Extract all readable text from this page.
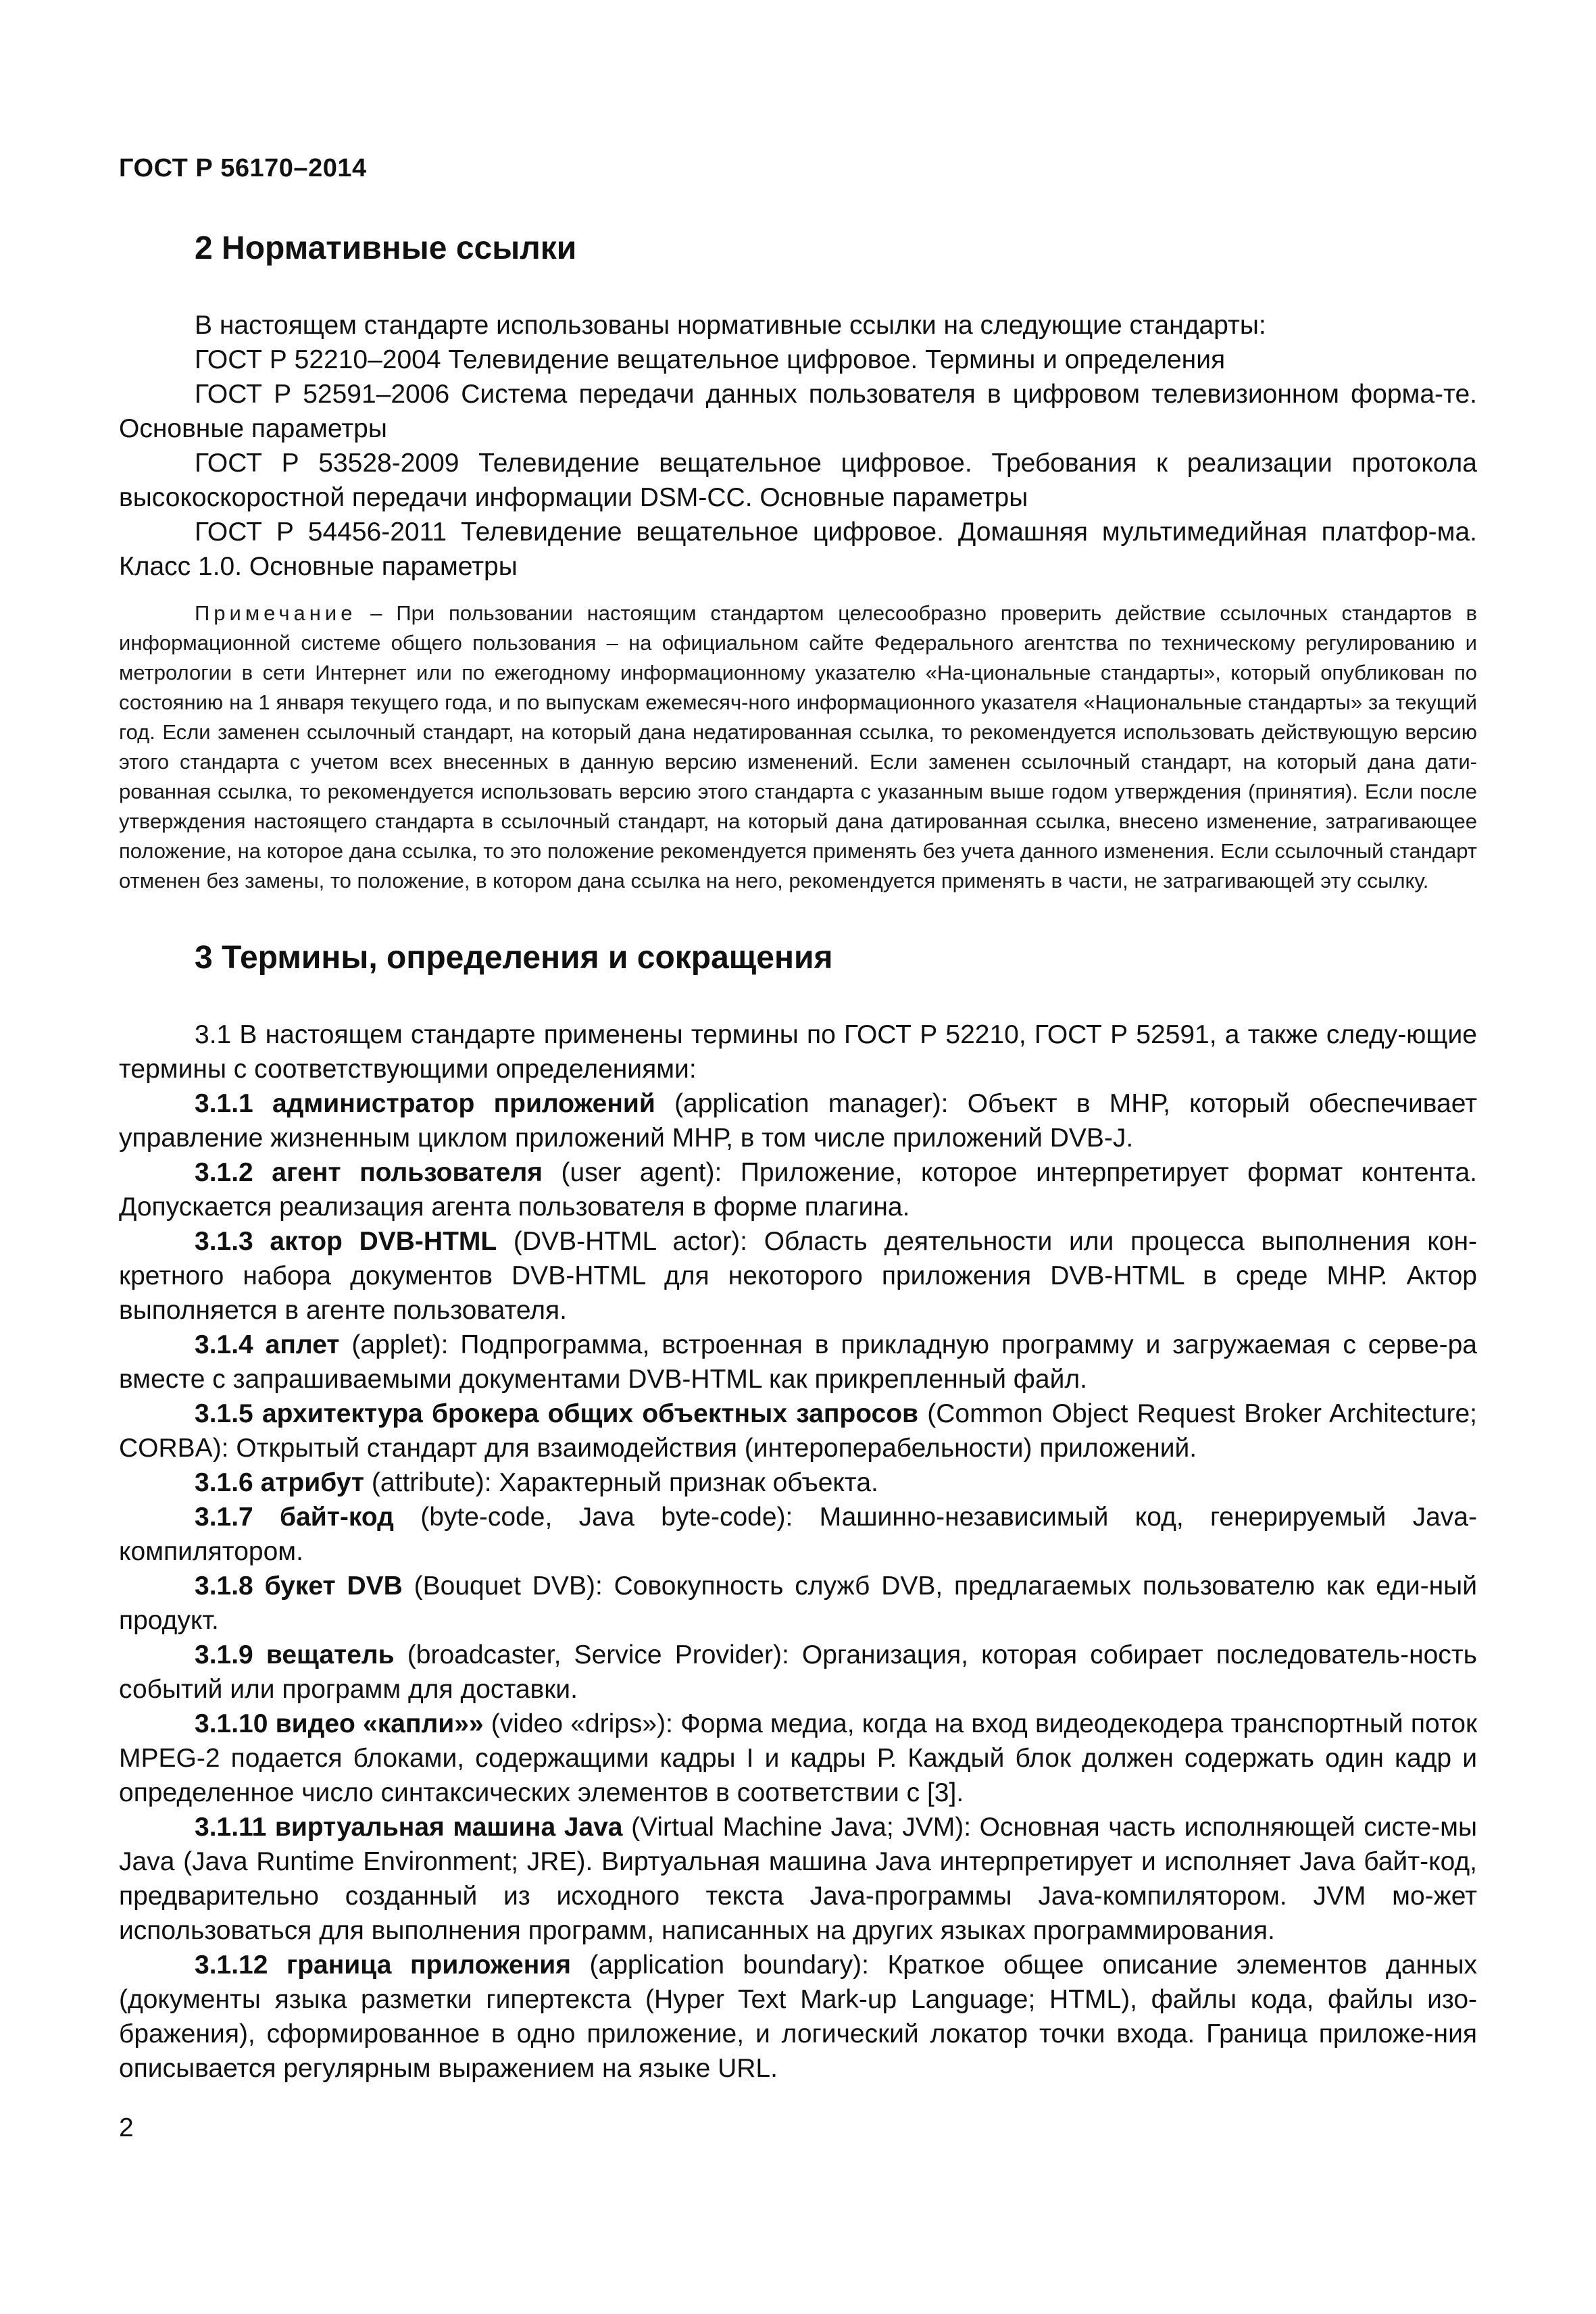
ГОСТ Р 56170–2014
2 Нормативные ссылки

В настоящем стандарте использованы нормативные ссылки на следующие стандарты:

ГОСТ Р 52210–2004 Телевидение вещательное цифровое. Термины и определения

ГОСТ Р 52591–2006 Система передачи данных пользователя в цифровом телевизионном форма-те. Основные параметры

ГОСТ Р 53528-2009 Телевидение вещательное цифровое. Требования к реализации протокола высокоскоростной передачи информации DSM-CC. Основные параметры

ГОСТ Р 54456-2011 Телевидение вещательное цифровое. Домашняя мультимедийная платфор-ма. Класс 1.0. Основные параметры

Примечание – При пользовании настоящим стандартом целесообразно проверить действие ссылочных стандартов в информационной системе общего пользования – на официальном сайте Федерального агентства по техническому регулированию и метрологии в сети Интернет или по ежегодному информационному указателю «На-циональные стандарты», который опубликован по состоянию на 1 января текущего года, и по выпускам ежемесяч-ного информационного указателя «Национальные стандарты» за текущий год. Если заменен ссылочный стандарт, на который дана недатированная ссылка, то рекомендуется использовать действующую версию этого стандарта с учетом всех внесенных в данную версию изменений. Если заменен ссылочный стандарт, на который дана дати-рованная ссылка, то рекомендуется использовать версию этого стандарта с указанным выше годом утверждения (принятия). Если после утверждения настоящего стандарта в ссылочный стандарт, на который дана датированная ссылка, внесено изменение, затрагивающее положение, на которое дана ссылка, то это положение рекомендуется применять без учета данного изменения. Если ссылочный стандарт отменен без замены, то положение, в котором дана ссылка на него, рекомендуется применять в части, не затрагивающей эту ссылку.

3 Термины, определения и сокращения

3.1 В настоящем стандарте применены термины по ГОСТ Р 52210, ГОСТ Р 52591, а также следу-ющие термины с соответствующими определениями:

3.1.1 администратор приложений (application manager): Объект в МНР, который обеспечивает управление жизненным циклом приложений МНР, в том числе приложений DVB-J.

3.1.2 агент пользователя (user agent): Приложение, которое интерпретирует формат контента. Допускается реализация агента пользователя в форме плагина.

3.1.3 актор DVB-HTML (DVB-HTML actor): Область деятельности или процесса выполнения кон-кретного набора документов DVB-HTML для некоторого приложения DVB-HTML в среде МНР. Актор выполняется в агенте пользователя.

3.1.4 аплет (applet): Подпрограмма, встроенная в прикладную программу и загружаемая с серве-ра вместе с запрашиваемыми документами DVB-HTML как прикрепленный файл.

3.1.5 архитектура брокера общих объектных запросов (Common Object Request Broker Architecture; CORBA): Открытый стандарт для взаимодействия (интероперабельности) приложений.

3.1.6 атрибут (attribute): Характерный признак объекта.

3.1.7 байт-код (byte-code, Java byte-code): Машинно-независимый код, генерируемый Java-компилятором.

3.1.8 букет DVB (Bouquet DVB): Совокупность служб DVB, предлагаемых пользователю как еди-ный продукт.

3.1.9 вещатель (broadcaster, Service Provider): Организация, которая собирает последователь-ность событий или программ для доставки.

3.1.10 видео «капли»» (video «drips»): Форма медиа, когда на вход видеодекодера транспортный поток MPEG-2 подается блоками, содержащими кадры I и кадры Р. Каждый блок должен содержать один кадр и определенное число синтаксических элементов в соответствии с [3].

3.1.11 виртуальная машина Java (Virtual Machine Java; JVM): Основная часть исполняющей систе-мы Java (Java Runtime Environment; JRE). Виртуальная машина Java интерпретирует и исполняет Java байт-код, предварительно созданный из исходного текста Java-программы Java-компилятором. JVM мо-жет использоваться для выполнения программ, написанных на других языках программирования.

3.1.12 граница приложения (application boundary): Краткое общее описание элементов данных (документы языка разметки гипертекста (Hyper Text Mark-up Language; HTML), файлы кода, файлы изо-бражения), сформированное в одно приложение, и логический локатор точки входа. Граница приложе-ния описывается регулярным выражением на языке URL.

2
